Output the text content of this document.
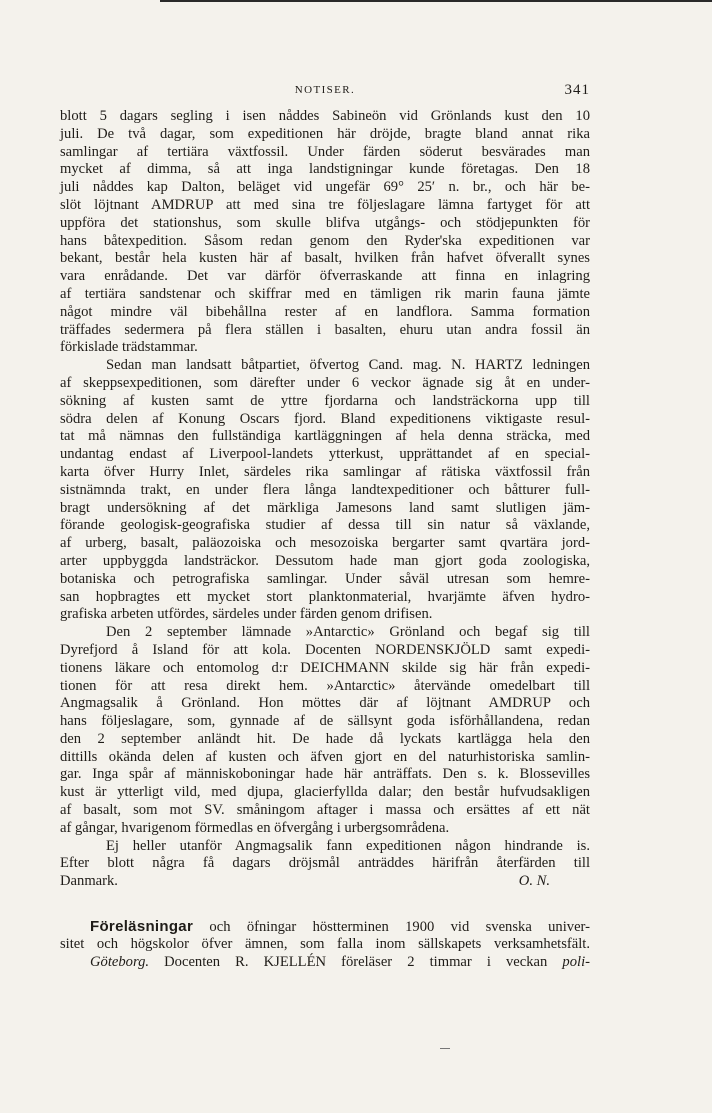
NOTISER.	341
blott 5 dagars segling i isen nåddes Sabineön vid Grönlands kust den 10
juli. De två dagar, som expeditionen här dröjde, bragte bland annat rika
samlingar af tertiära växtfossil. Under färden söderut besvärades man
mycket af dimma, så att inga landstigningar kunde företagas. Den 18
juli nåddes kap Dalton, beläget vid ungefär 69° 25′ n. br., och här be-
slöt löjtnant AMDRUP att med sina tre följeslagare lämna fartyget för att
uppföra det stationshus, som skulle blifva utgångs- och stödjepunkten för
hans båtexpedition. Såsom redan genom den Ryder'ska expeditionen var
bekant, består hela kusten här af basalt, hvilken från hafvet öfverallt synes
vara enrådande. Det var därför öfverraskande att finna en inlagring
af tertiära sandstenar och skiffrar med en tämligen rik marin fauna jämte
något mindre väl bibehållna rester af en landflora. Samma formation
träffades sedermera på flera ställen i basalten, ehuru utan andra fossil än
förkislade trädstammar.
Sedan man landsatt båtpartiet, öfvertog Cand. mag. N. HARTZ ledningen
af skeppsexpeditionen, som därefter under 6 veckor ägnade sig åt en under-
sökning af kusten samt de yttre fjordarna och landsträckorna upp till
södra delen af Konung Oscars fjord. Bland expeditionens viktigaste resul-
tat må nämnas den fullständiga kartläggningen af hela denna sträcka, med
undantag endast af Liverpool-landets ytterkust, upprättandet af en special-
karta öfver Hurry Inlet, särdeles rika samlingar af rätiska växtfossil från
sistnämnda trakt, en under flera långa landtexpeditioner och båtturer full-
bragt undersökning af det märkliga Jamesons land samt slutligen jäm-
förande geologisk-geografiska studier af dessa till sin natur så växlande,
af urberg, basalt, paläozoiska och mesozoiska bergarter samt qvartära jord-
arter uppbyggda landsträckor. Dessutom hade man gjort goda zoologiska,
botaniska och petrografiska samlingar. Under såväl utresan som hemre-
san hopbragtes ett mycket stort planktonmaterial, hvarjämte äfven hydro-
grafiska arbeten utfördes, särdeles under färden genom drifisen.
Den 2 september lämnade »Antarctic» Grönland och begaf sig till
Dyrefjord å Island för att kola. Docenten NORDENSKJÖLD samt expedi-
tionens läkare och entomolog d:r DEICHMANN skilde sig här från expedi-
tionen för att resa direkt hem. »Antarctic» återvände omedelbart till
Angmagsalik å Grönland. Hon möttes där af löjtnant AMDRUP och
hans följeslagare, som, gynnade af de sällsynt goda isförhållandena, redan
den 2 september anländt hit. De hade då lyckats kartlägga hela den
dittills okända delen af kusten och äfven gjort en del naturhistoriska samlin-
gar. Inga spår af människoboningar hade här anträffats. Den s. k. Blossevilles
kust är ytterligt vild, med djupa, glacierfyllda dalar; den består hufvudsakligen
af basalt, som mot SV. småningom aftager i massa och ersättes af ett nät
af gångar, hvarigenom förmedlas en öfvergång i urbergsområdena.
Ej heller utanför Angmagsalik fann expeditionen någon hindrande is.
Efter blott några få dagars dröjsmål anträddes härifrån återfärden till
Danmark.	O. N.
Föreläsningar och öfningar höstterminen 1900 vid svenska univer-
sitet och högskolor öfver ämnen, som falla inom sällskapets verksamhetsfält.
Göteborg. Docenten R. KJELLÉN föreläser 2 timmar i veckan poli-
